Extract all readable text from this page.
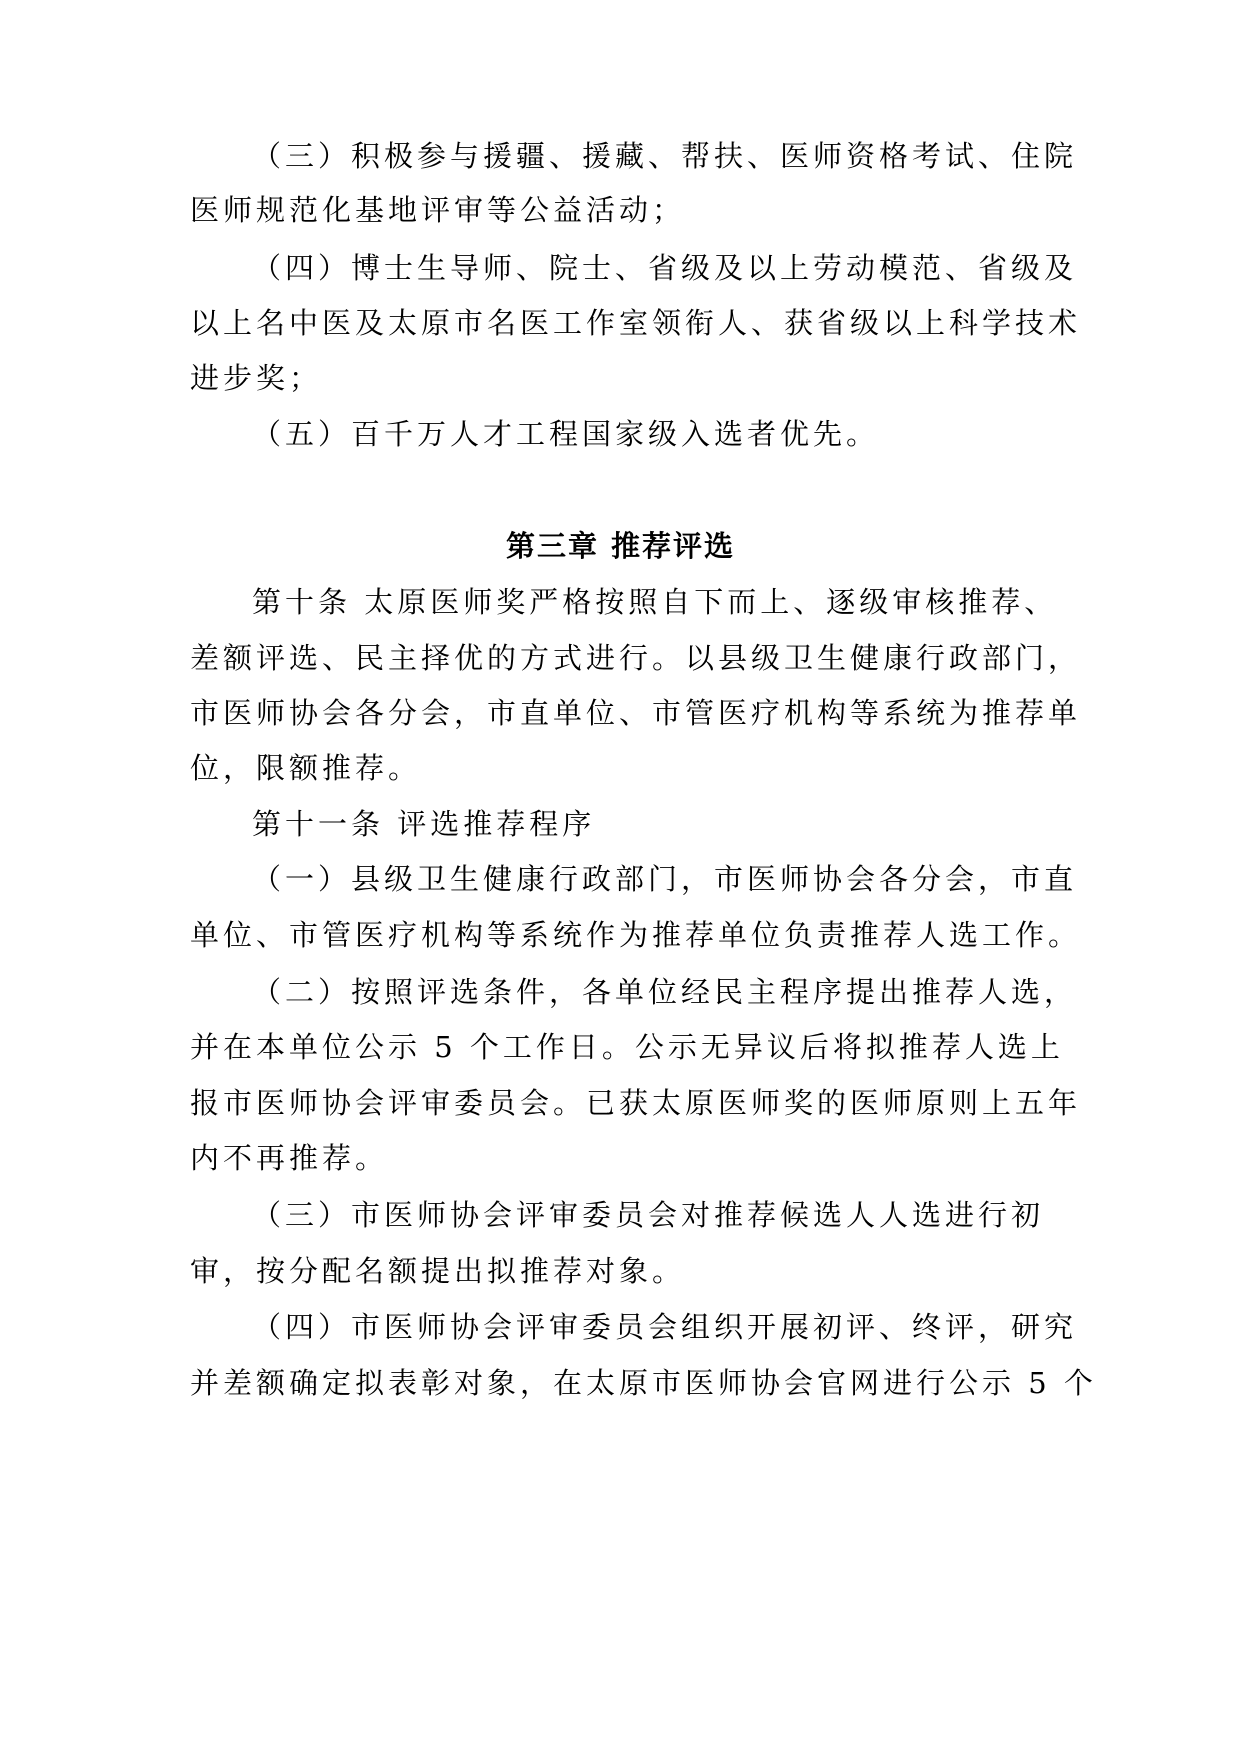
（三）积极参与援疆、援藏、帮扶、医师资格考试、住院
医师规范化基地评审等公益活动；
（四）博士生导师、院士、省级及以上劳动模范、省级及
以上名中医及太原市名医工作室领衔人、获省级以上科学技术
进步奖；
（五）百千万人才工程国家级入选者优先。
第三章 推荐评选
第十条 太原医师奖严格按照自下而上、逐级审核推荐、
差额评选、民主择优的方式进行。以县级卫生健康行政部门，
市医师协会各分会，市直单位、市管医疗机构等系统为推荐单
位，限额推荐。
第十一条 评选推荐程序
（一）县级卫生健康行政部门，市医师协会各分会，市直
单位、市管医疗机构等系统作为推荐单位负责推荐人选工作。
（二）按照评选条件，各单位经民主程序提出推荐人选，
并在本单位公示 5 个工作日。公示无异议后将拟推荐人选上
报市医师协会评审委员会。已获太原医师奖的医师原则上五年
内不再推荐。
（三）市医师协会评审委员会对推荐候选人人选进行初
审，按分配名额提出拟推荐对象。
（四）市医师协会评审委员会组织开展初评、终评，研究
并差额确定拟表彰对象，在太原市医师协会官网进行公示 5 个
